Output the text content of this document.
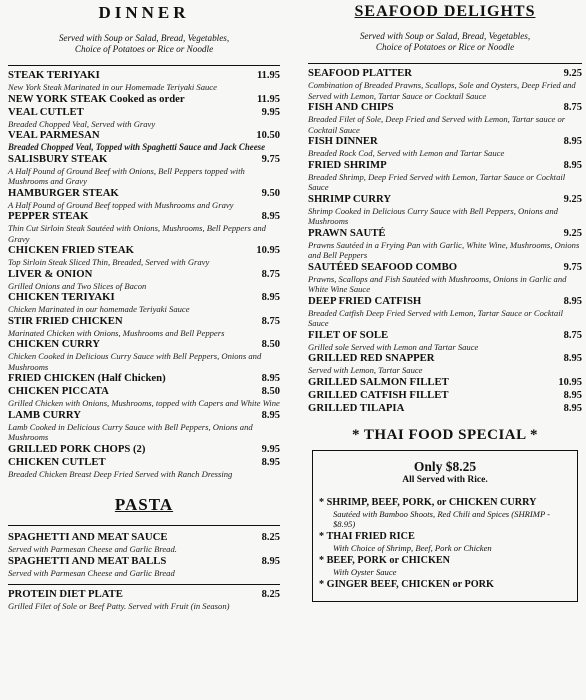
DINNER
Served with Soup or Salad, Bread, Vegetables,
Choice of Potatoes or Rice or Noodle
STEAK TERIYAKI	11.95
New York Steak Marinated in our Homemade Teriyaki Sauce
NEW YORK STEAK Cooked as order	11.95
VEAL CUTLET	9.95
Breaded Chopped Veal, Served with Gravy
VEAL PARMESAN	10.50
Breaded Chopped Veal, Topped with Spaghetti Sauce and Jack Cheese
SALISBURY STEAK	9.75
A Half Pound of Ground Beef with Onions, Bell Peppers topped with Mushrooms and Gravy
HAMBURGER STEAK	9.50
A Half Pound of Ground Beef topped with Mushrooms and Gravy
PEPPER STEAK	8.95
Thin Cut Sirloin Steak Sautéed with Onions, Mushrooms, Bell Peppers and Gravy
CHICKEN FRIED STEAK	10.95
Top Sirloin Steak Sliced Thin, Breaded, Served with Gravy
LIVER & ONION	8.75
Grilled Onions and Two Slices of Bacon
CHICKEN TERIYAKI	8.95
Chicken Marinated in our homemade Teriyaki Sauce
STIR FRIED CHICKEN	8.75
Marinated Chicken with Onions, Mushrooms and Bell Peppers
CHICKEN CURRY	8.50
Chicken Cooked in Delicious Curry Sauce with Bell Peppers, Onions and Mushrooms
FRIED CHICKEN (Half Chicken)	8.95
CHICKEN PICCATA	8.50
Grilled Chicken with Onions, Mushrooms, topped with Capers and White Wine
LAMB CURRY	8.95
Lamb Cooked in Delicious Curry Sauce with Bell Peppers, Onions and Mushrooms
GRILLED PORK CHOPS (2)	9.95
CHICKEN CUTLET	8.95
Breaded Chicken Breast Deep Fried Served with Ranch Dressing
PASTA
SPAGHETTI AND MEAT SAUCE	8.25
Served with Parmesan Cheese and Garlic Bread.
SPAGHETTI AND MEAT BALLS	8.95
Served with Parmesan Cheese and Garlic Bread
PROTEIN DIET PLATE	8.25
Grilled Filet of Sole or Beef Patty. Served with Fruit (in Season)
SEAFOOD DELIGHTS
Served with Soup or Salad, Bread, Vegetables,
Choice of Potatoes or Rice or Noodle
SEAFOOD PLATTER	9.25
Combination of Breaded Prawns, Scallops, Sole and Oysters, Deep Fried and Served with Lemon, Tartar Sauce or Cocktail Sauce
FISH AND CHIPS	8.75
Breaded Filet of Sole, Deep Fried and Served with Lemon, Tartar sauce or Cocktail Sauce
FISH DINNER	8.95
Breaded Rock Cod, Served with Lemon and Tartar Sauce
FRIED SHRIMP	8.95
Breaded Shrimp, Deep Fried Served with Lemon, Tartar Sauce or Cocktail Sauce
SHRIMP CURRY	9.25
Shrimp Cooked in Delicious Curry Sauce with Bell Peppers, Onions and Mushrooms
PRAWN SAUTÉ	9.25
Prawns Sautéed in a Frying Pan with Garlic, White Wine, Mushrooms, Onions and Bell Peppers
SAUTÉED SEAFOOD COMBO	9.75
Prawns, Scallops and Fish Sautéed with Mushrooms, Onions in Garlic and White Wine Sauce
DEEP FRIED CATFISH	8.95
Breaded Catfish Deep Fried Served with Lemon, Tartar Sauce or Cocktail Sauce
FILET OF SOLE	8.75
Grilled sole Served with Lemon and Tartar Sauce
GRILLED RED SNAPPER	8.95
Served with Lemon, Tartar Sauce
GRILLED SALMON FILLET	10.95
GRILLED CATFISH FILLET	8.95
GRILLED TILAPIA	8.95
* THAI FOOD SPECIAL *
Only $8.25
All Served with Rice.
* SHRIMP, BEEF, PORK, or CHICKEN CURRY
Sautéed with Bamboo Shoots, Red Chili and Spices (SHRIMP - $8.95)
* THAI FRIED RICE
With Choice of Shrimp, Beef, Pork or Chicken
* BEEF, PORK or CHICKEN
With Oyster Sauce
* GINGER BEEF, CHICKEN or PORK
